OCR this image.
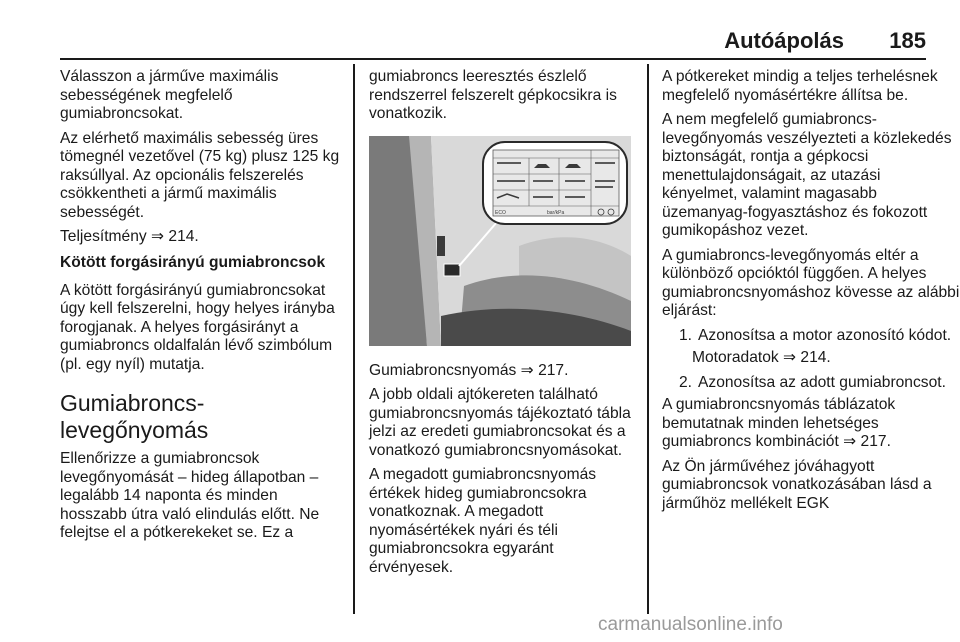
Autóápolás 185

Válasszon a járműve maximális sebességének megfelelő gumiabroncsokat.

Az elérhető maximális sebesség üres tömegnél vezetővel (75 kg) plusz 125 kg raksúllyal. Az opcionális felszerelés csökkentheti a jármű maximális sebességét.

Teljesítmény ⇒ 214.

Kötött forgásirányú gumiabroncsok

A kötött forgásirányú gumiabroncsokat úgy kell felszerelni, hogy helyes irányba forogjanak. A helyes forgásirányt a gumiabroncs oldalfalán lévő szimbólum (pl. egy nyíl) mutatja.

Gumiabroncs-levegőnyomás

Ellenőrizze a gumiabroncsok levegőnyomását – hideg állapotban – legalább 14 naponta és minden hosszabb útra való elindulás előtt. Ne felejtse el a pótkerekeket se. Ez a

gumiabroncs leeresztés észlelő rendszerrel felszerelt gépkocsikra is vonatkozik.

ECO	bar/kPa

Gumiabroncsnyomás ⇒ 217.

A jobb oldali ajtókereten található gumiabroncsnyomás tájékoztató tábla jelzi az eredeti gumiabroncsokat és a vonatkozó gumiabroncsnyomásokat.

A megadott gumiabroncsnyomás értékek hideg gumiabroncsokra vonatkoznak. A megadott nyomásértékek nyári és téli gumiabroncsokra egyaránt érvényesek.

A pótkereket mindig a teljes terhelésnek megfelelő nyomásértékre állítsa be.

A nem megfelelő gumiabroncs-levegőnyomás veszélyezteti a közlekedés biztonságát, rontja a gépkocsi menettulajdonságait, az utazási kényelmet, valamint magasabb üzemanyag-fogyasztáshoz és fokozott gumikopáshoz vezet.

A gumiabroncs-levegőnyomás eltér a különböző opcióktól függően. A helyes gumiabroncsnyomáshoz kövesse az alábbi eljárást:

1. Azonosítsa a motor azonosító kódot.

Motoradatok ⇒ 214.

2. Azonosítsa az adott gumiabroncsot.

A gumiabroncsnyomás táblázatok bemutatnak minden lehetséges gumiabroncs kombinációt ⇒ 217.

Az Ön járművéhez jóváhagyott gumiabroncsok vonatkozásában lásd a járműhöz mellékelt EGK

carmanualsonline.info
